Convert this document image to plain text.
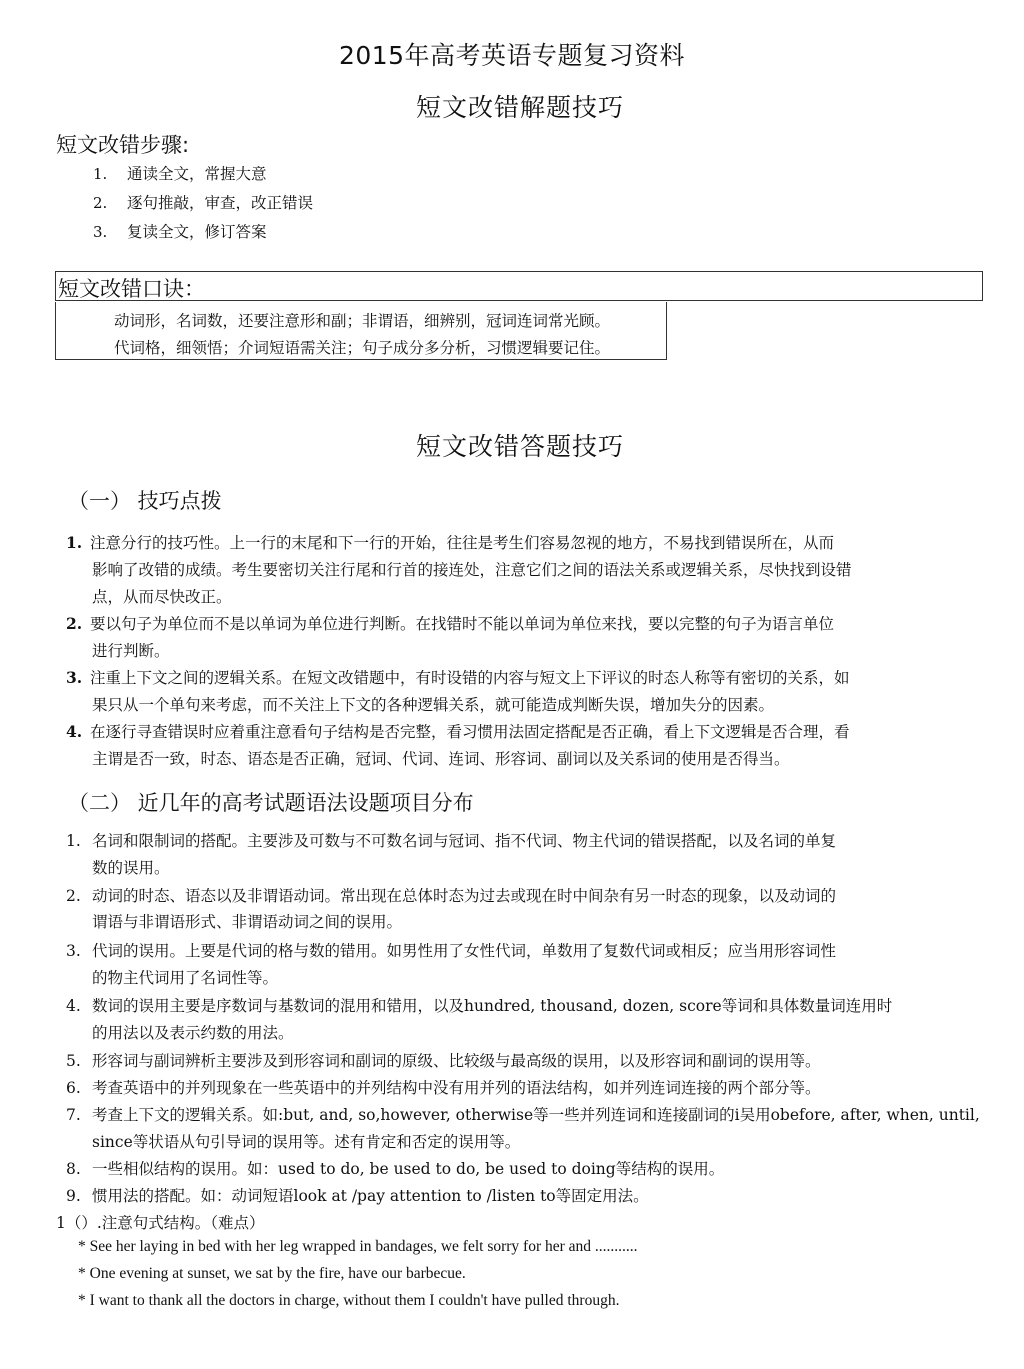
2015年高考英语专题复习资料
短文改错解题技巧
短文改错步骤:
1. 通读全文，常握大意
2. 逐句推敲，审查，改正错误
3. 复读全文，修订答案
短文改错口诀：
动词形，名词数，还要注意形和副；非谓语，细辨别，冠词连词常光顾。
代词格，细领悟；介词短语需关注；句子成分多分析，习惯逻辑要记住。
短文改错答题技巧
（一） 技巧点拨
1. 注意分行的技巧性。上一行的末尾和下一行的开始，往往是考生们容易忽视的地方，不易找到错误所在，从而
影响了改错的成绩。考生要密切关注行尾和行首的接连处，注意它们之间的语法关系或逻辑关系，尽快找到设错
点，从而尽快改正。
2. 要以句子为单位而不是以单词为单位进行判断。在找错时不能以单词为单位来找，要以完整的句子为语言单位
进行判断。
3. 注重上下文之间的逻辑关系。在短文改错题中，有时设错的内容与短文上下评议的时态人称等有密切的关系，如
果只从一个单句来考虑，而不关注上下文的各种逻辑关系，就可能造成判断失误，增加失分的因素。
4. 在逐行寻查错误时应着重注意看句子结构是否完整，看习惯用法固定搭配是否正确，看上下文逻辑是否合理，看
主谓是否一致，时态、语态是否正确，冠词、代词、连词、形容词、副词以及关系词的使用是否得当。
（二） 近几年的高考试题语法设题项目分布
1. 名词和限制词的搭配。主要涉及可数与不可数名词与冠词、指不代词、物主代词的错误搭配，以及名词的单复
数的误用。
2. 动词的时态、语态以及非谓语动词。常出现在总体时态为过去或现在时中间杂有另一时态的现象，以及动词的
谓语与非谓语形式、非谓语动词之间的误用。
3. 代词的误用。上要是代词的格与数的错用。如男性用了女性代词，单数用了复数代词或相反；应当用形容词性
的物主代词用了名词性等。
4. 数词的误用主要是序数词与基数词的混用和错用，以及hundred, thousand, dozen, score等词和具体数量词连用时
的用法以及表示约数的用法。
5. 形容词与副词辨析主要涉及到形容词和副词的原级、比较级与最高级的误用，以及形容词和副词的误用等。
6. 考查英语中的并列现象在一些英语中的并列结构中没有用并列的语法结构，如并列连词连接的两个部分等。
7. 考查上下文的逻辑关系。如:but, and, so,however, otherwise等一些并列连词和连接副词的i吴用obefore, after, when, until,
since等状语从句引导词的误用等。述有肯定和否定的误用等。
8. 一些相似结构的误用。如：used to do, be used to do, be used to doing等结构的误用。
9. 惯用法的搭配。如：动词短语look at /pay attention to /listen to等固定用法。
1（）.注意句式结构。（难点）
* See her laying in bed with her leg wrapped in bandages, we felt sorry for her and ...........
* One evening at sunset, we sat by the fire, have our barbecue.
* I want to thank all the doctors in charge, without them I couldn't have pulled through.
